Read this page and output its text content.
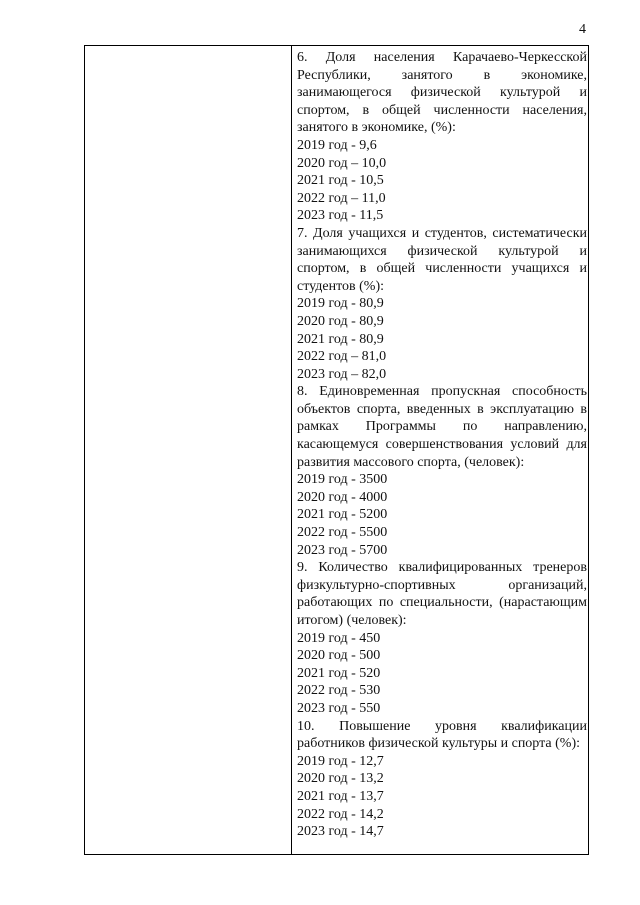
4

6. Доля населения Карачаево-Черкесской Республики, занятого в экономике, занимающегося физической культурой и спортом, в общей численности населения, занятого в экономике, (%):

2019 год - 9,6
2020 год – 10,0
2021 год - 10,5
2022 год – 11,0
2023 год - 11,5

7. Доля учащихся и студентов, систематически занимающихся физической культурой и спортом, в общей численности учащихся и студентов (%):

2019 год - 80,9
2020 год - 80,9
2021 год - 80,9
2022 год – 81,0
2023 год – 82,0

8. Единовременная пропускная способность объектов спорта, введенных в эксплуатацию в рамках Программы по направлению, касающемуся совершенствования условий для развития массового спорта, (человек):

2019 год - 3500
2020 год - 4000
2021 год - 5200
2022 год - 5500
2023 год - 5700

9. Количество квалифицированных тренеров физкультурно-спортивных организаций, работающих по специальности, (нарастающим итогом) (человек):

2019 год - 450
2020 год - 500
2021 год - 520
2022 год - 530
2023 год - 550

10. Повышение уровня квалификации работников физической культуры и спорта (%):

2019 год - 12,7
2020 год - 13,2
2021 год - 13,7
2022 год - 14,2
2023 год - 14,7
